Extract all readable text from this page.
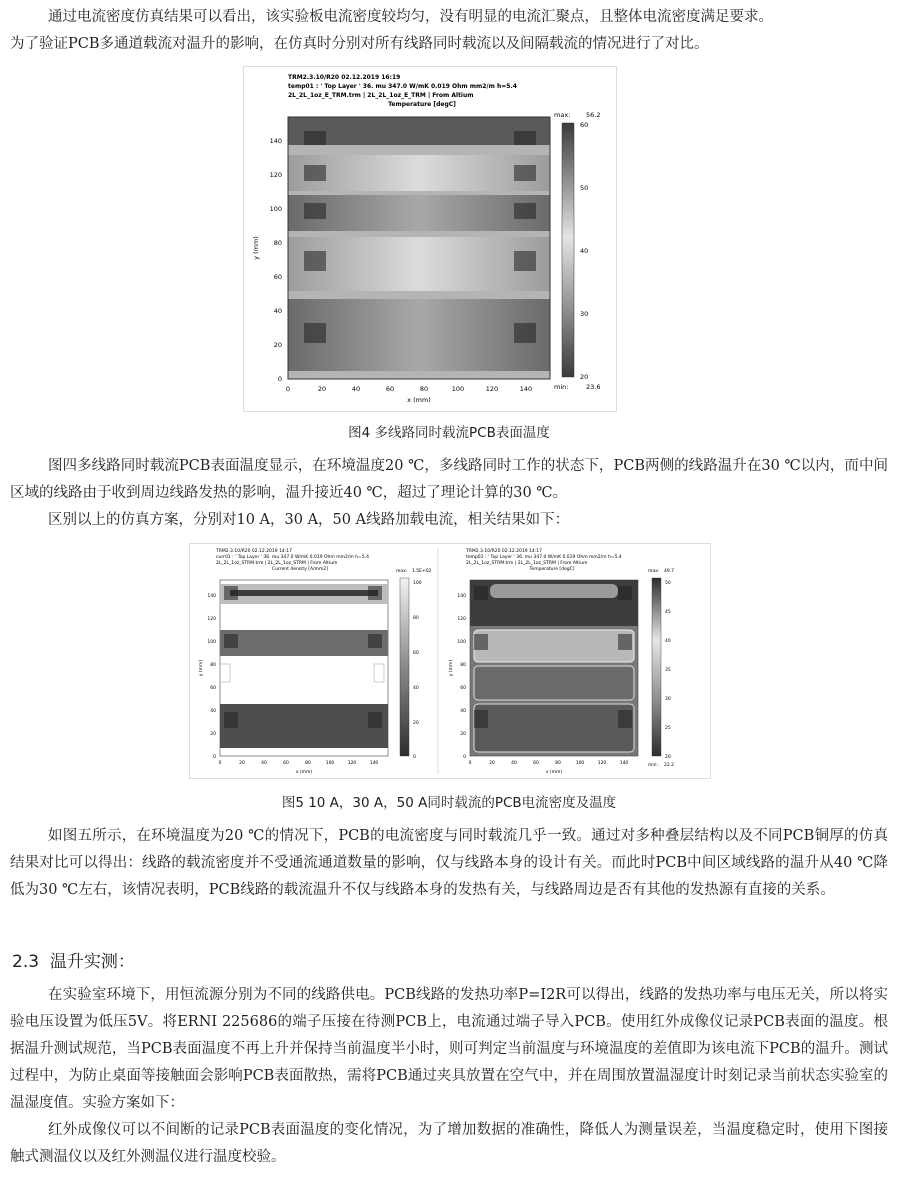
通过电流密度仿真结果可以看出，该实验板电流密度较均匀，没有明显的电流汇聚点，且整体电流密度满足要求。
为了验证PCB多通道载流对温升的影响，在仿真时分别对所有线路同时载流以及间隔载流的情况进行了对比。
TRM2.3.10/R20 02.12.2019 16:19
temp01 : ' Top Layer ' 36. mu 347.0 W/mK 0.019 Ohm mm2/m h=5.4
2L_2L_1oz_E_TRM.trm | 2L_2L_1oz_E_TRM | From Altium
Temperature [degC]
0
20
40
60
80
100
120
140
y (mm)
0	20	40	60	80	100	120	140
x (mm)
max: 56.2
60
50
40
30
20
min:	23.6
图4 多线路同时载流PCB表面温度
图四多线路同时载流PCB表面温度显示，在环境温度20 ℃，多线路同时工作的状态下，PCB两侧的线路温升在30 ℃以内，而中间区域的线路由于收到周边线路发热的影响，温升接近40 ℃，超过了理论计算的30 ℃。
区别以上的仿真方案，分别对10 A，30 A，50 A线路加载电流，相关结果如下：
TRM2.3.10/R20 02.12.2019 14:17
curr01 : ' Top Layer ' 36. mu 347.0 W/mK 0.019 Ohm mm2/m h=5.4
2L_2L_1oz_STRM.trm | 2L_2L_1oz_STRM | From Altium
Current density [A/mm2]
0
20
40
60
80
100
120
140
y (mm)
0	20	40	60	80	100	120	140
x (mm)
max: 1.5E+02
100
80
60
40
20
0
TRM2.3.10/R20 02.12.2019 14:17
temp01 : ' Top Layer ' 36. mu 347.0 W/mK 0.019 Ohm mm2/m h=5.4
2L_2L_1oz_STRM.trm | 2L_2L_1oz_STRM | From Altium
Temperature [degC]
0
20
40
60
80
100
120
140
y (mm)
0	20	40	60	80	100	120	140
x (mm)
max: 49.7
50
45
40
35
30
25
20
min: 22.2
图5 10 A，30 A，50 A同时载流的PCB电流密度及温度
如图五所示，在环境温度为20 ℃的情况下，PCB的电流密度与同时载流几乎一致。通过对多种叠层结构以及不同PCB铜厚的仿真结果对比可以得出：线路的载流密度并不受通流通道数量的影响，仅与线路本身的设计有关。而此时PCB中间区域线路的温升从40 ℃降低为30 ℃左右，该情况表明，PCB线路的载流温升不仅与线路本身的发热有关，与线路周边是否有其他的发热源有直接的关系。
2.3 温升实测：
在实验室环境下，用恒流源分别为不同的线路供电。PCB线路的发热功率P=I2R可以得出，线路的发热功率与电压无关，所以将实验电压设置为低压5V。将ERNI 225686的端子压接在待测PCB上，电流通过端子导入PCB。使用红外成像仪记录PCB表面的温度。根据温升测试规范，当PCB表面温度不再上升并保持当前温度半小时，则可判定当前温度与环境温度的差值即为该电流下PCB的温升。测试过程中，为防止桌面等接触面会影响PCB表面散热，需将PCB通过夹具放置在空气中，并在周围放置温湿度计时刻记录当前状态实验室的温湿度值。实验方案如下：
红外成像仪可以不间断的记录PCB表面温度的变化情况，为了增加数据的准确性，降低人为测量误差，当温度稳定时，使用下图接触式测温仪以及红外测温仪进行温度校验。
